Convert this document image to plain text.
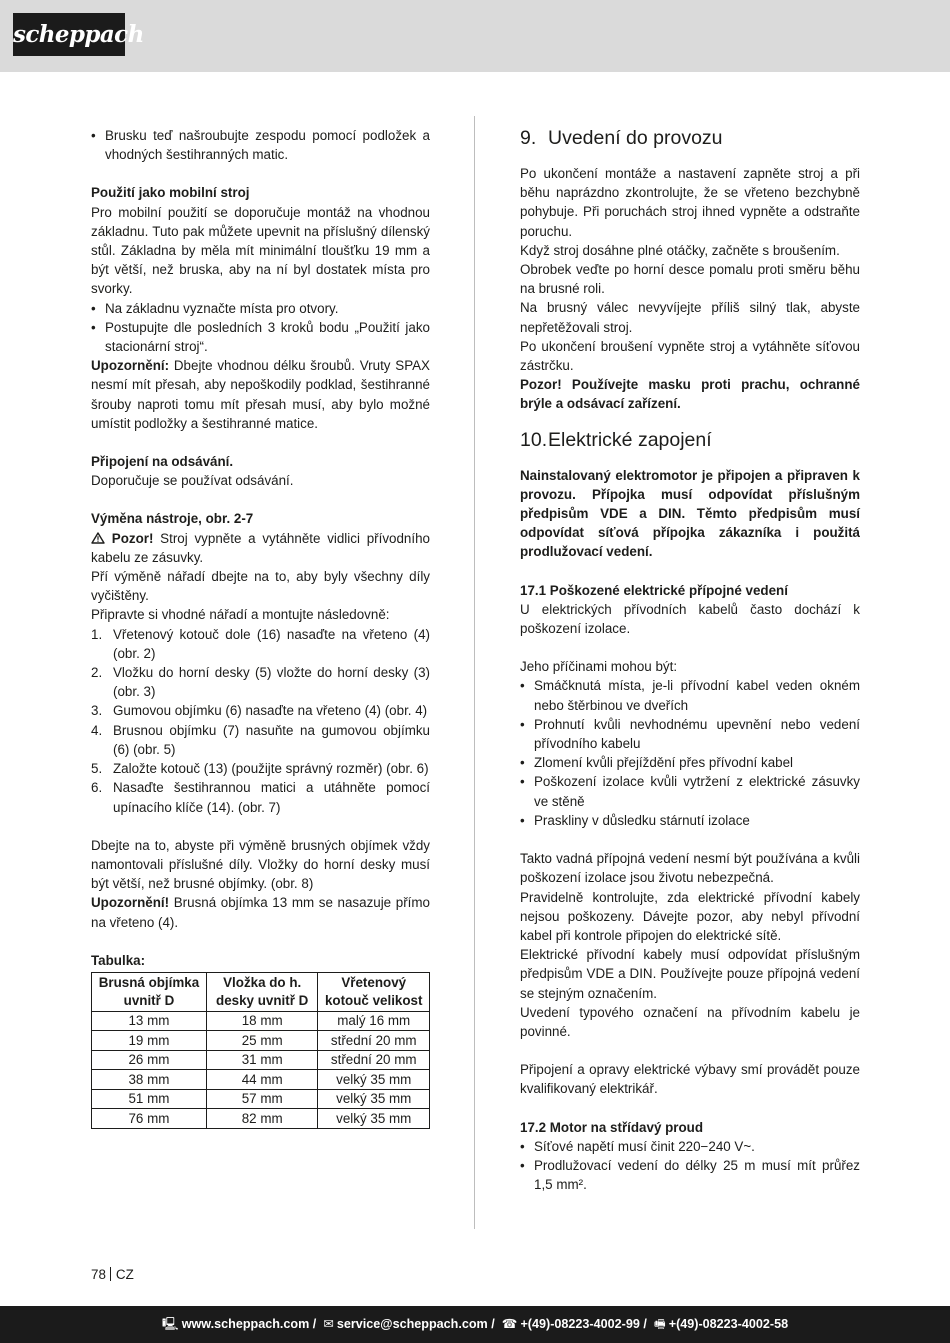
scheppach
• Brusku teď našroubujte zespodu pomocí podložek a vhodných šestihranných matic.

Použití jako mobilní stroj

Pro mobilní použití se doporučuje montáž na vhodnou základnu. Tuto pak můžete upevnit na příslušný dílenský stůl. Základna by měla mít minimální tloušťku 19 mm a být větší, než bruska, aby na ní byl dostatek místa pro svorky.

• Na základnu vyznačte místa pro otvory.
• Postupujte dle posledních 3 kroků bodu „Použití jako stacionární stroj“.

Upozornění: Dbejte vhodnou délku šroubů. Vruty SPAX nesmí mít přesah, aby nepoškodily podklad, šestihranné šrouby naproti tomu mít přesah musí, aby bylo možné umístit podložky a šestihranné matice.

Připojení na odsávání.

Doporučuje se používat odsávání.

Výměna nástroje, obr. 2-7

Pozor! Stroj vypněte a vytáhněte vidlici přívodního kabelu ze zásuvky.

Pří výměně nářadí dbejte na to, aby byly všechny díly vyčištěny.

Připravte si vhodné nářadí a montujte následovně:

1. Vřetenový kotouč dole (16) nasaďte na vřeteno (4) (obr. 2)
2. Vložku do horní desky (5) vložte do horní desky (3) (obr. 3)
3. Gumovou objímku (6) nasaďte na vřeteno (4) (obr. 4)
4. Brusnou objímku (7) nasuňte na gumovou objímku (6) (obr. 5)
5. Založte kotouč (13) (použijte správný rozměr) (obr. 6)
6. Nasaďte šestihrannou matici a utáhněte pomocí upínacího klíče (14). (obr. 7)

Dbejte na to, abyste při výměně brusných objímek vždy namontovali příslušné díly. Vložky do horní desky musí být větší, než brusné objímky. (obr. 8)

Upozornění! Brusná objímka 13 mm se nasazuje přímo na vřeteno (4).

Tabulka:

Brusná objímka uvnitř D	Vložka do h. desky uvnitř D	Vřetenový kotouč velikost
13 mm	18 mm	malý 16 mm
19 mm	25 mm	střední 20 mm
26 mm	31 mm	střední 20 mm
38 mm	44 mm	velký 35 mm
51 mm	57 mm	velký 35 mm
76 mm	82 mm	velký 35 mm
9. Uvedení do provozu

Po ukončení montáže a nastavení zapněte stroj a při běhu naprázdno zkontrolujte, že se vřeteno bezchybně pohybuje. Při poruchách stroj ihned vypněte a odstraňte poruchu.

Když stroj dosáhne plné otáčky, začněte s broušením.

Obrobek veďte po horní desce pomalu proti směru běhu na brusné roli.

Na brusný válec nevyvíjejte příliš silný tlak, abyste nepřetěžovali stroj.

Po ukončení broušení vypněte stroj a vytáhněte síťovou zástrčku.

Pozor! Používejte masku proti prachu, ochranné brýle a odsávací zařízení.

10. Elektrické zapojení

Nainstalovaný elektromotor je připojen a připraven k provozu. Přípojka musí odpovídat příslušným předpisům VDE a DIN. Těmto předpisům musí odpovídat síťová přípojka zákazníka i použitá prodlužovací vedení.

17.1 Poškozené elektrické přípojné vedení

U elektrických přívodních kabelů často dochází k poškození izolace.

Jeho příčinami mohou být:

• Smáčknutá místa, je-li přívodní kabel veden okném nebo štěrbinou ve dveřích
• Prohnutí kvůli nevhodnému upevnění nebo vedení přívodního kabelu
• Zlomení kvůli přejíždění přes přívodní kabel
• Poškození izolace kvůli vytržení z elektrické zásuvky ve stěně
• Praskliny v důsledku stárnutí izolace

Takto vadná přípojná vedení nesmí být používána a kvůli poškození izolace jsou životu nebezpečná.

Pravidelně kontrolujte, zda elektrické přívodní kabely nejsou poškozeny. Dávejte pozor, aby nebyl přívodní kabel při kontrole připojen do elektrické sítě.

Elektrické přívodní kabely musí odpovídat příslušným předpisům VDE a DIN. Používejte pouze přípojná vedení se stejným označením.

Uvedení typového označení na přívodním kabelu je povinné.

Připojení a opravy elektrické výbavy smí provádět pouze kvalifikovaný elektrikář.

17.2 Motor na střídavý proud

• Síťové napětí musí činit 220−240 V~.
• Prodlužovací vedení do délky 25 m musí mít průřez 1,5 mm².
78 CZ
🖳 www.scheppach.com / ✉ service@scheppach.com / ☎ +(49)-08223-4002-99 / 🖷 +(49)-08223-4002-58
